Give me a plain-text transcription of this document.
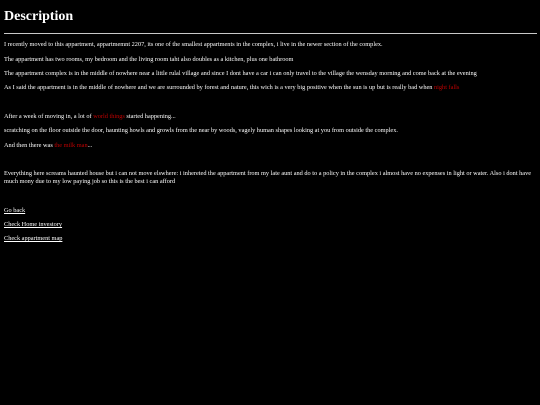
Description

I recently moved to this appartment, appartmemnt 2207, its one of the smallest appartments in the complex, i live in the newer section of the complex.

The appartment has two rooms, my bedroom and the living room taht also doubles as a kitchen, plus one bathroom

The appartment complex is in the middle of nowhere near a little rulal village and since I dont have a car i can only travel to the village the wensday morning and come back at the evening

As I said the appartment is in the middle of nowhere and we are surrounded by forest and nature, this wich is a very big positive when the sun is up but is really bad when night falls

After a week of moving in, a lot of world things started happening...

scratching on the floor outside the door, haunting howls and growls from the near by woods, vagely human shapes looking at you from outside the complex.

And then there was the milk man...

Everything here screams haunted house but i can not move elswhere: i inhereted the appartment from my late aunt and do to a policy in the complex i almost have no expenses in light or water. Also i dont have much mony due to my low paying job so this is the best i can afford

Go back

Check Home investory

Check appartment map
